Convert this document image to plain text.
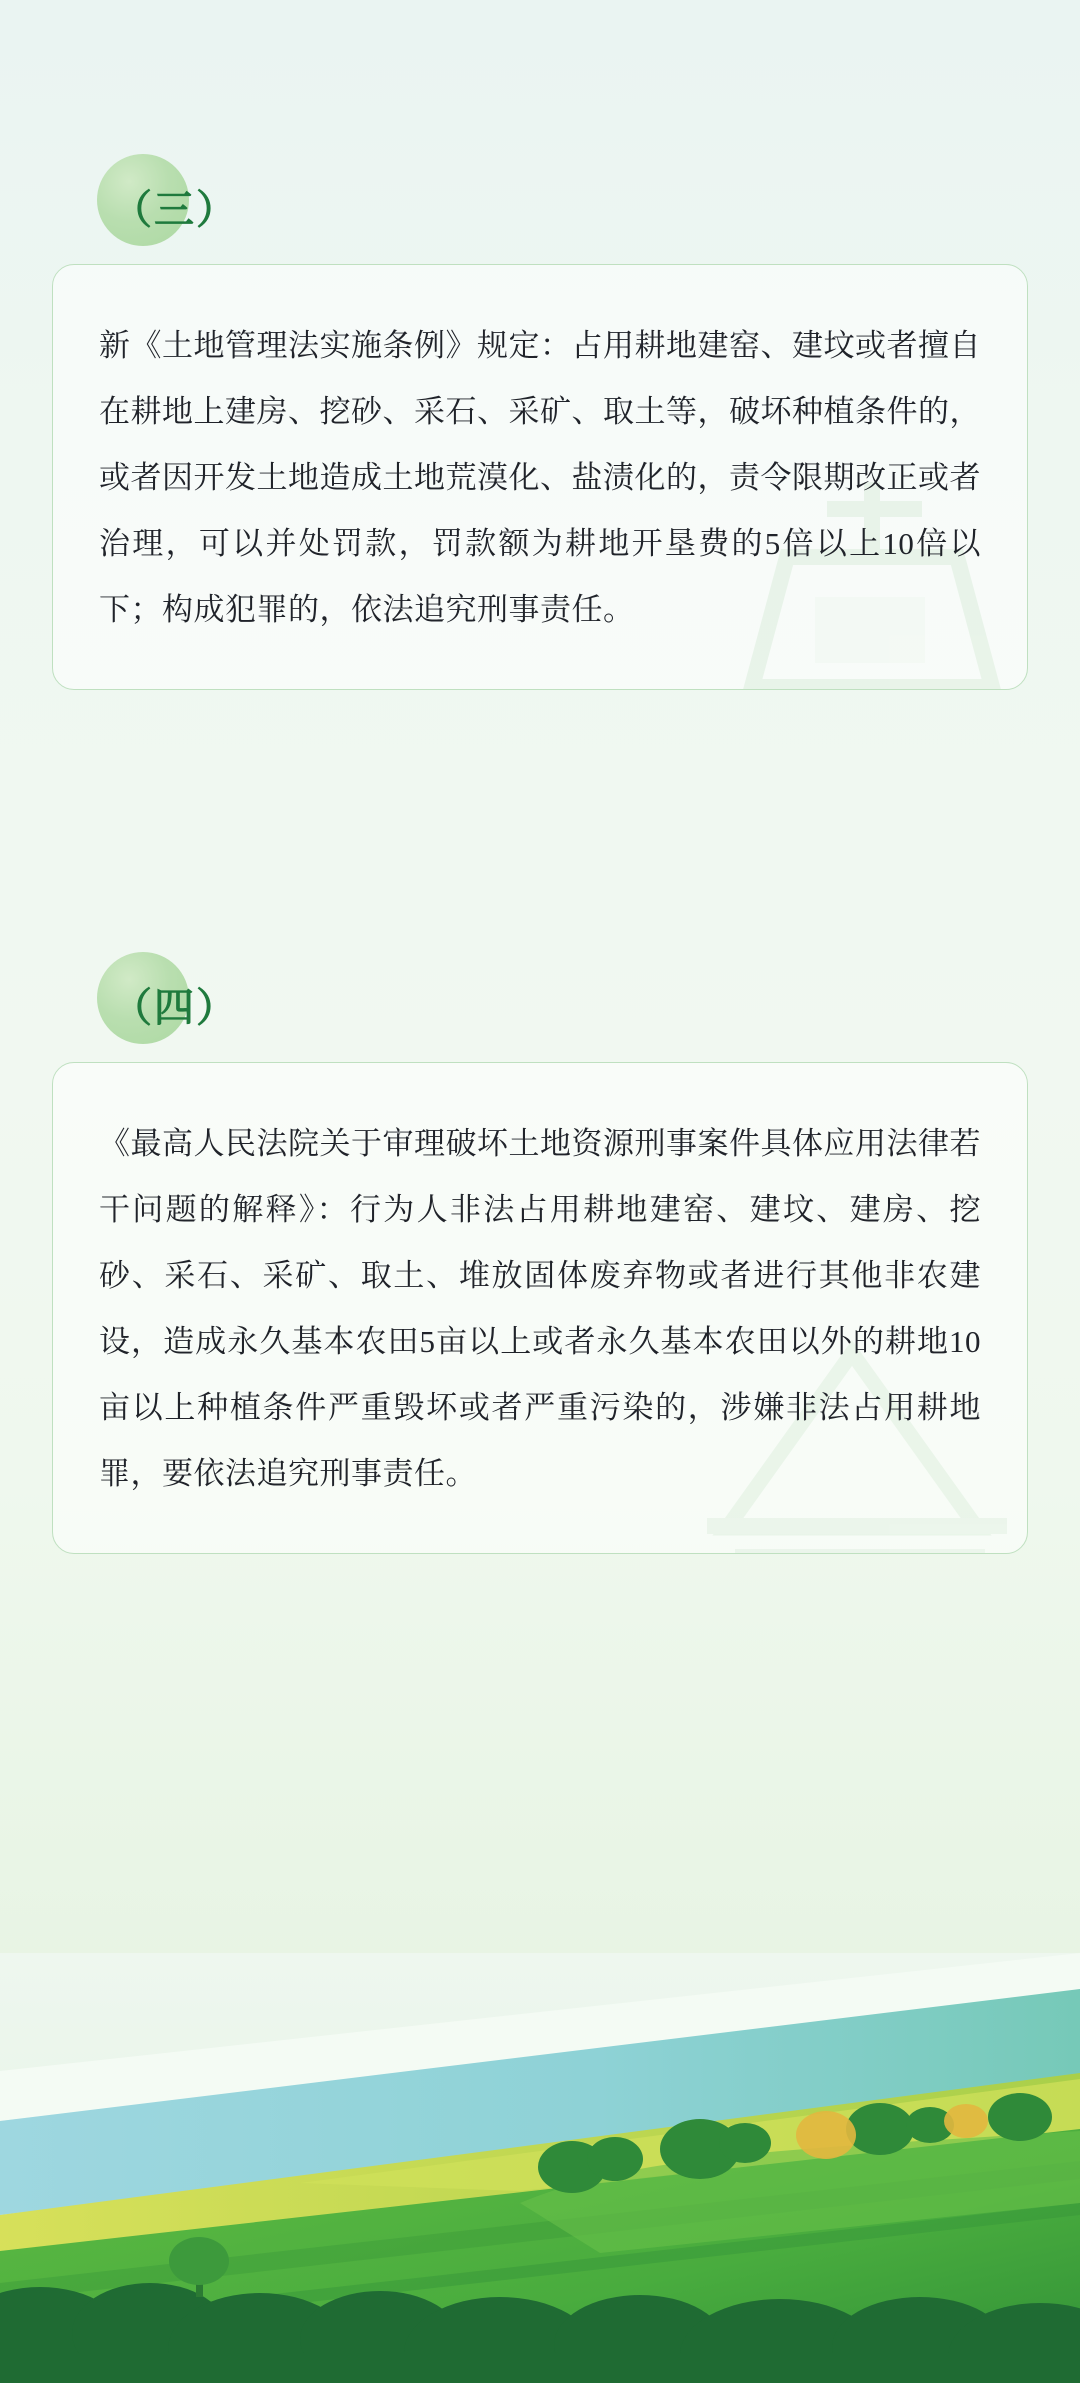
（三）

新《土地管理法实施条例》规定：占用耕地建窑、建坟或者擅自在耕地上建房、挖砂、采石、采矿、取土等，破坏种植条件的，或者因开发土地造成土地荒漠化、盐渍化的，责令限期改正或者治理，可以并处罚款，罚款额为耕地开垦费的5倍以上10倍以下；构成犯罪的，依法追究刑事责任。

（四）

《最高人民法院关于审理破坏土地资源刑事案件具体应用法律若干问题的解释》：行为人非法占用耕地建窑、建坟、建房、挖砂、采石、采矿、取土、堆放固体废弃物或者进行其他非农建设，造成永久基本农田5亩以上或者永久基本农田以外的耕地10亩以上种植条件严重毁坏或者严重污染的，涉嫌非法占用耕地罪，要依法追究刑事责任。
